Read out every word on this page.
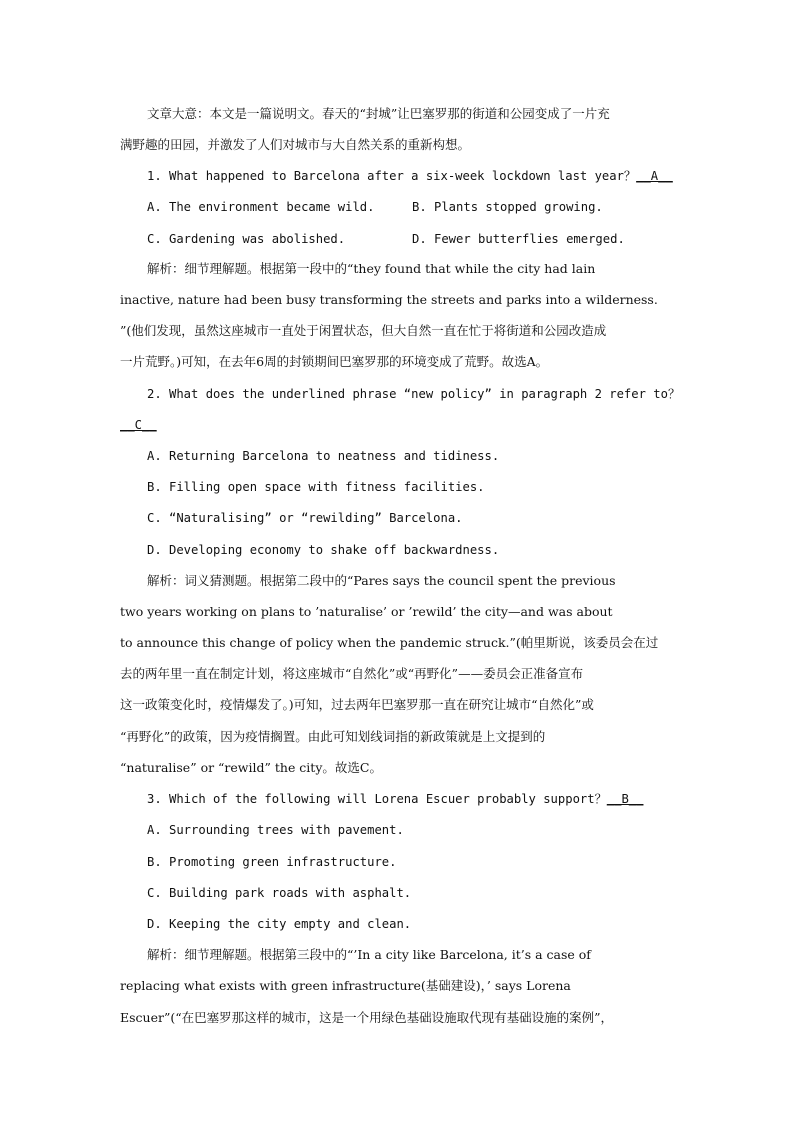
文章大意：本文是一篇说明文。春天的“封城”让巴塞罗那的街道和公园变成了一片充
满野趣的田园，并激发了人们对城市与大自然关系的重新构想。
1. What happened to Barcelona after a six-week lockdown last year？__A__
A. The environment became wild.	B. Plants stopped growing.
C. Gardening was abolished.	D. Fewer butterflies emerged.
解析：细节理解题。根据第一段中的“they found that while the city had lain
inactive, nature had been busy transforming the streets and parks into a wilderness.
”(他们发现，虽然这座城市一直处于闲置状态，但大自然一直在忙于将街道和公园改造成
一片荒野。)可知，在去年6周的封锁期间巴塞罗那的环境变成了荒野。故选A。
2. What does the underlined phrase “new policy” in paragraph 2 refer to？
__C__
A. Returning Barcelona to neatness and tidiness.
B. Filling open space with fitness facilities.
C. “Naturalising” or “rewilding” Barcelona.
D. Developing economy to shake off backwardness.
解析：词义猜测题。根据第二段中的“Pares says the council spent the previous
two years working on plans to ’naturalise’ or ’rewild’ the city—and was about
to announce this change of policy when the pandemic struck.”(帕里斯说，该委员会在过
去的两年里一直在制定计划，将这座城市“自然化”或“再野化”——委员会正准备宣布
这一政策变化时，疫情爆发了。)可知，过去两年巴塞罗那一直在研究让城市“自然化”或
“再野化”的政策，因为疫情搁置。由此可知划线词指的新政策就是上文提到的
“naturalise” or “rewild” the city。故选C。
3. Which of the following will Lorena Escuer probably support？__B__
A. Surrounding trees with pavement.
B. Promoting green infrastructure.
C. Building park roads with asphalt.
D. Keeping the city empty and clean.
解析：细节理解题。根据第三段中的“’In a city like Barcelona, it’s a case of
replacing what exists with green infrastructure(基础建设)，’ says Lorena
Escuer”(“在巴塞罗那这样的城市，这是一个用绿色基础设施取代现有基础设施的案例”，
